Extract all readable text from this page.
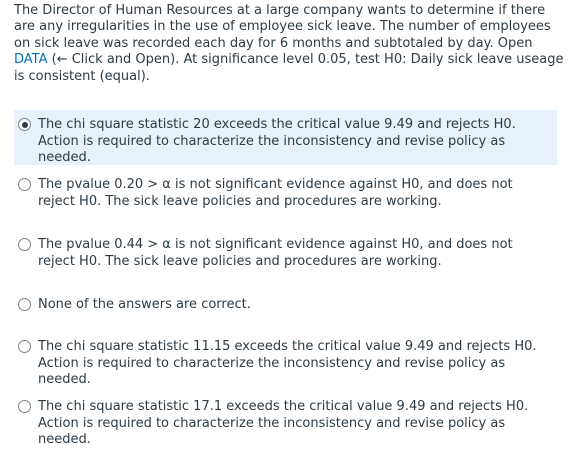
The Director of Human Resources at a large company wants to determine if there are any irregularities in the use of employee sick leave. The number of employees on sick leave was recorded each day for 6 months and subtotaled by day. Open DATA (← Click and Open). At significance level 0.05, test H0: Daily sick leave useage is consistent (equal).
The chi square statistic 20 exceeds the critical value 9.49 and rejects H0. Action is required to characterize the inconsistency and revise policy as needed.
The pvalue 0.20 > α is not significant evidence against H0, and does not reject H0. The sick leave policies and procedures are working.
The pvalue 0.44 > α is not significant evidence against H0, and does not reject H0. The sick leave policies and procedures are working.
None of the answers are correct.
The chi square statistic 11.15 exceeds the critical value 9.49 and rejects H0. Action is required to characterize the inconsistency and revise policy as needed.
The chi square statistic 17.1 exceeds the critical value 9.49 and rejects H0. Action is required to characterize the inconsistency and revise policy as needed.
